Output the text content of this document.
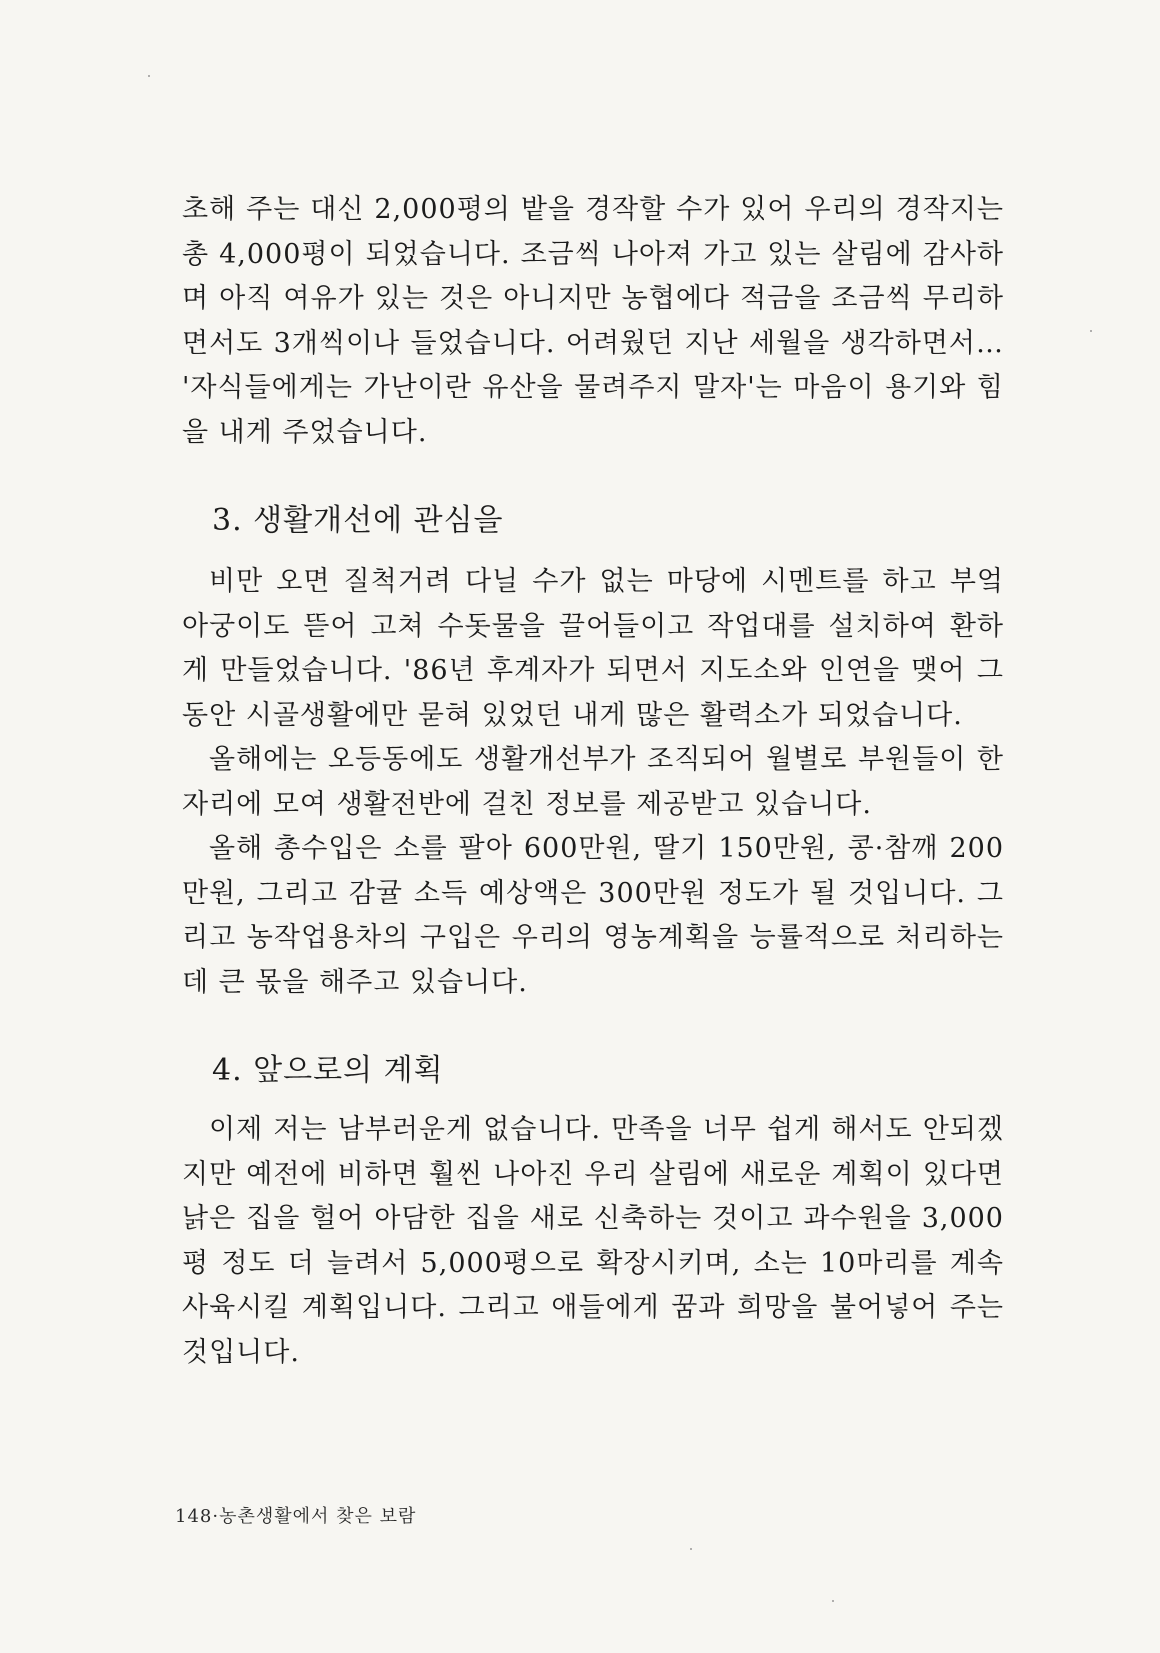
초해 주는 대신 2,000평의 밭을 경작할 수가 있어 우리의 경작지는 총 4,000평이 되었습니다. 조금씩 나아져 가고 있는 살림에 감사하며 아직 여유가 있는 것은 아니지만 농협에다 적금을 조금씩 무리하면서도 3개씩이나 들었습니다. 어려웠던 지난 세월을 생각하면서… '자식들에게는 가난이란 유산을 물려주지 말자'는 마음이 용기와 힘을 내게 주었습니다.

3. 생활개선에 관심을

비만 오면 질척거려 다닐 수가 없는 마당에 시멘트를 하고 부엌 아궁이도 뜯어 고쳐 수돗물을 끌어들이고 작업대를 설치하여 환하게 만들었습니다. '86년 후계자가 되면서 지도소와 인연을 맺어 그동안 시골생활에만 묻혀 있었던 내게 많은 활력소가 되었습니다.

올해에는 오등동에도 생활개선부가 조직되어 월별로 부원들이 한 자리에 모여 생활전반에 걸친 정보를 제공받고 있습니다.

올해 총수입은 소를 팔아 600만원, 딸기 150만원, 콩·참깨 200만원, 그리고 감귤 소득 예상액은 300만원 정도가 될 것입니다. 그리고 농작업용차의 구입은 우리의 영농계획을 능률적으로 처리하는데 큰 몫을 해주고 있습니다.

4. 앞으로의 계획

이제 저는 남부러운게 없습니다. 만족을 너무 쉽게 해서도 안되겠지만 예전에 비하면 훨씬 나아진 우리 살림에 새로운 계획이 있다면 낡은 집을 헐어 아담한 집을 새로 신축하는 것이고 과수원을 3,000평 정도 더 늘려서 5,000평으로 확장시키며, 소는 10마리를 계속 사육시킬 계획입니다. 그리고 애들에게 꿈과 희망을 불어넣어 주는 것입니다.

148·농촌생활에서 찾은 보람
